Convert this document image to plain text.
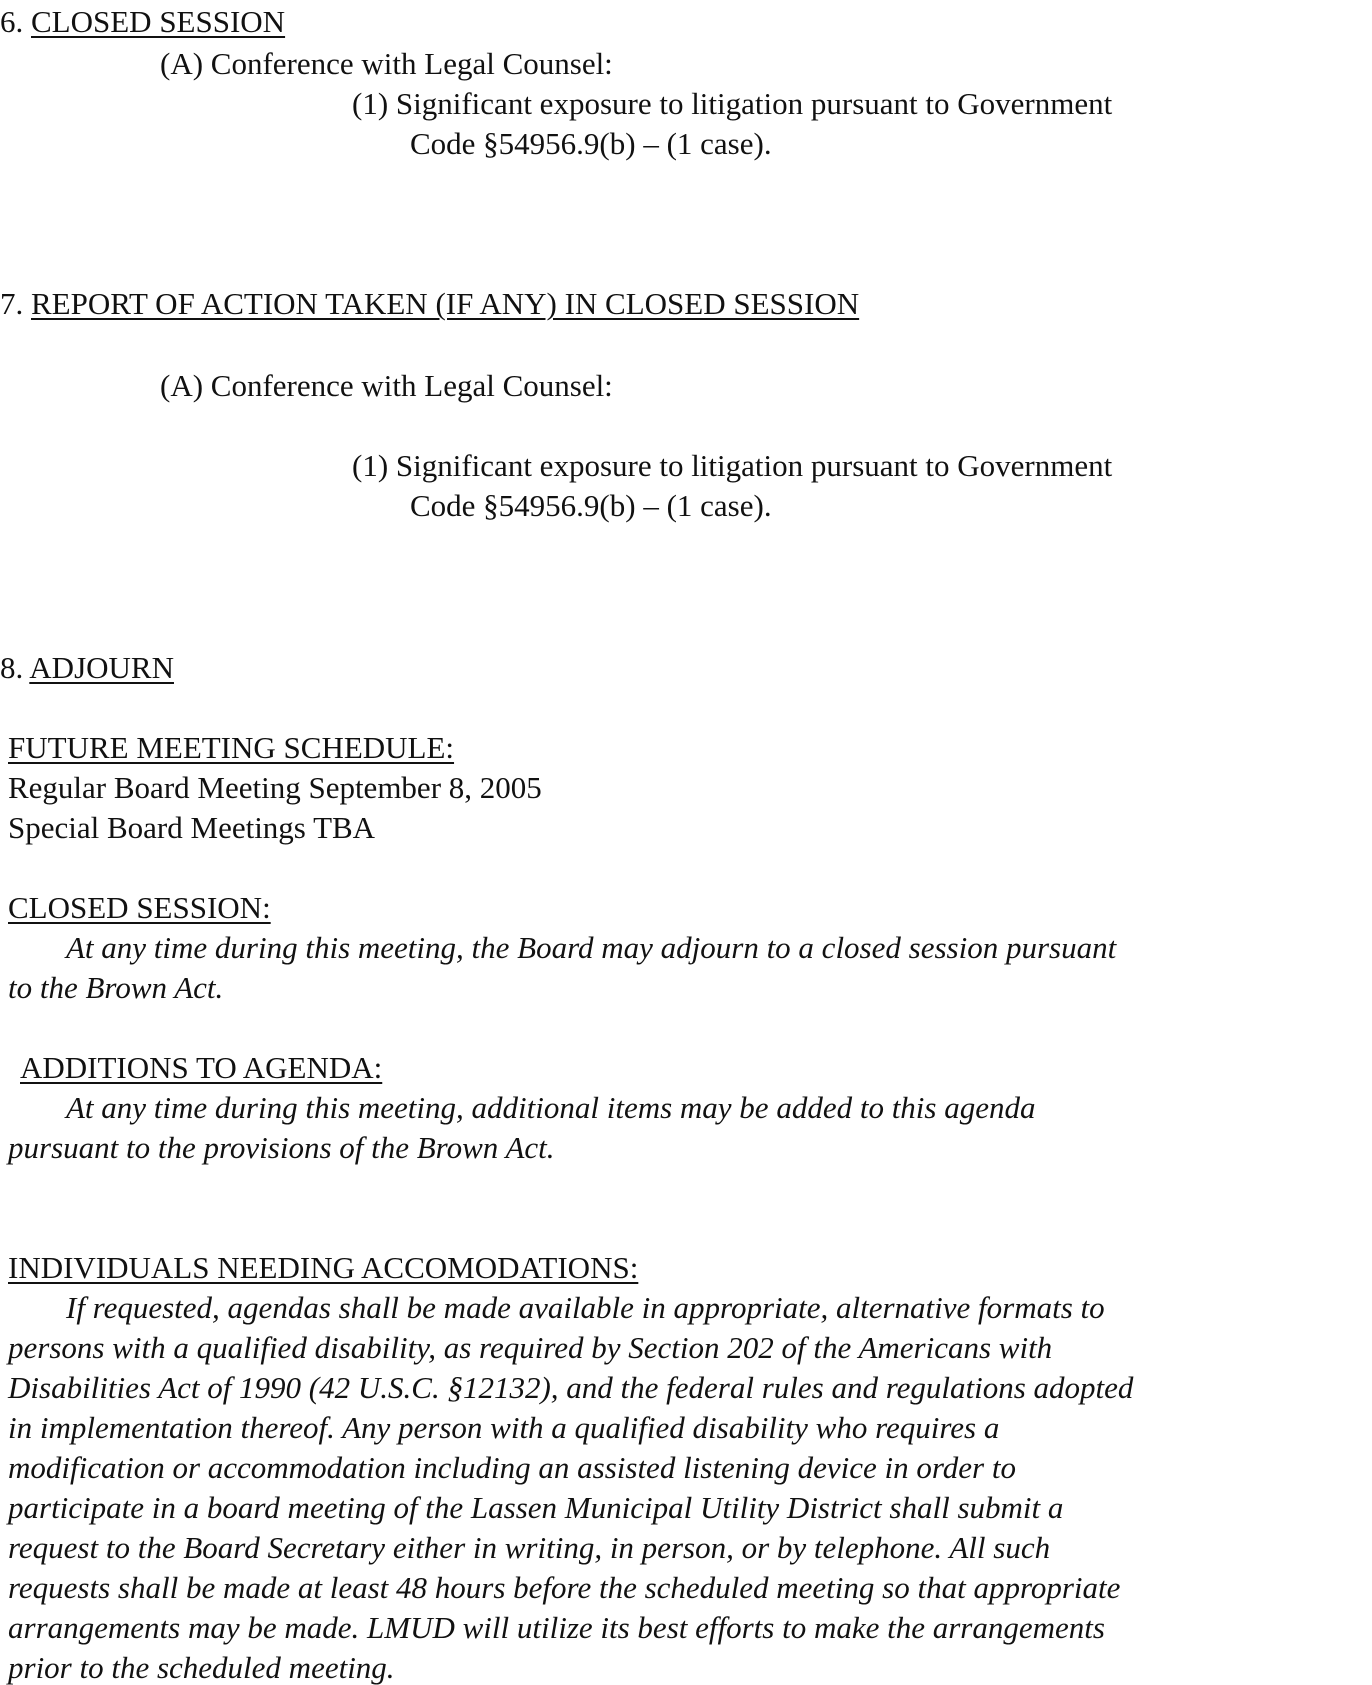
6. CLOSED SESSION
(A) Conference with Legal Counsel:
(1) Significant exposure to litigation pursuant to Government
Code §54956.9(b) – (1 case).
7. REPORT OF ACTION TAKEN (IF ANY) IN CLOSED SESSION
(A) Conference with Legal Counsel:
(1) Significant exposure to litigation pursuant to Government
Code §54956.9(b) – (1 case).
8. ADJOURN

FUTURE MEETING SCHEDULE:

Regular Board Meeting September 8, 2005

Special Board Meetings TBA

CLOSED SESSION:

At any time during this meeting, the Board may adjourn to a closed session pursuant

to the Brown Act.

ADDITIONS TO AGENDA:

At any time during this meeting, additional items may be added to this agenda

pursuant to the provisions of the Brown Act.

INDIVIDUALS NEEDING ACCOMODATIONS:

If requested, agendas shall be made available in appropriate, alternative formats to

persons with a qualified disability, as required by Section 202 of the Americans with

Disabilities Act of 1990 (42 U.S.C. §12132), and the federal rules and regulations adopted

in implementation thereof. Any person with a qualified disability who requires a

modification or accommodation including an assisted listening device in order to

participate in a board meeting of the Lassen Municipal Utility District shall submit a

request to the Board Secretary either in writing, in person, or by telephone. All such

requests shall be made at least 48 hours before the scheduled meeting so that appropriate

arrangements may be made. LMUD will utilize its best efforts to make the arrangements

prior to the scheduled meeting.
